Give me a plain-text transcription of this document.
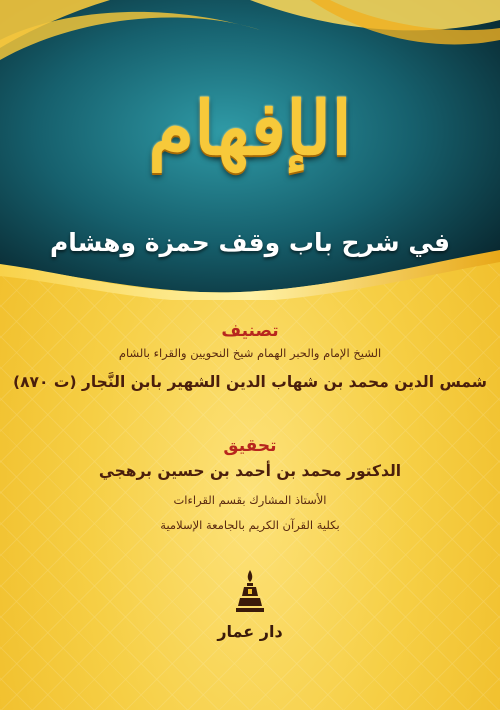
الإفهام
في شرح باب وقف حمزة وهشام
تصنيف
الشيخ الإمام والحبر الهمام شيخ النحويين والقراء بالشام
شمس الدين محمد بن شهاب الدين الشهير بابن النَّجار (ت ٨٧٠)
تحقيق
الدكتور محمد بن أحمد بن حسين برهجي
الأستاذ المشارك بقسم القراءات
بكلية القرآن الكريم بالجامعة الإسلامية
دار عمار
